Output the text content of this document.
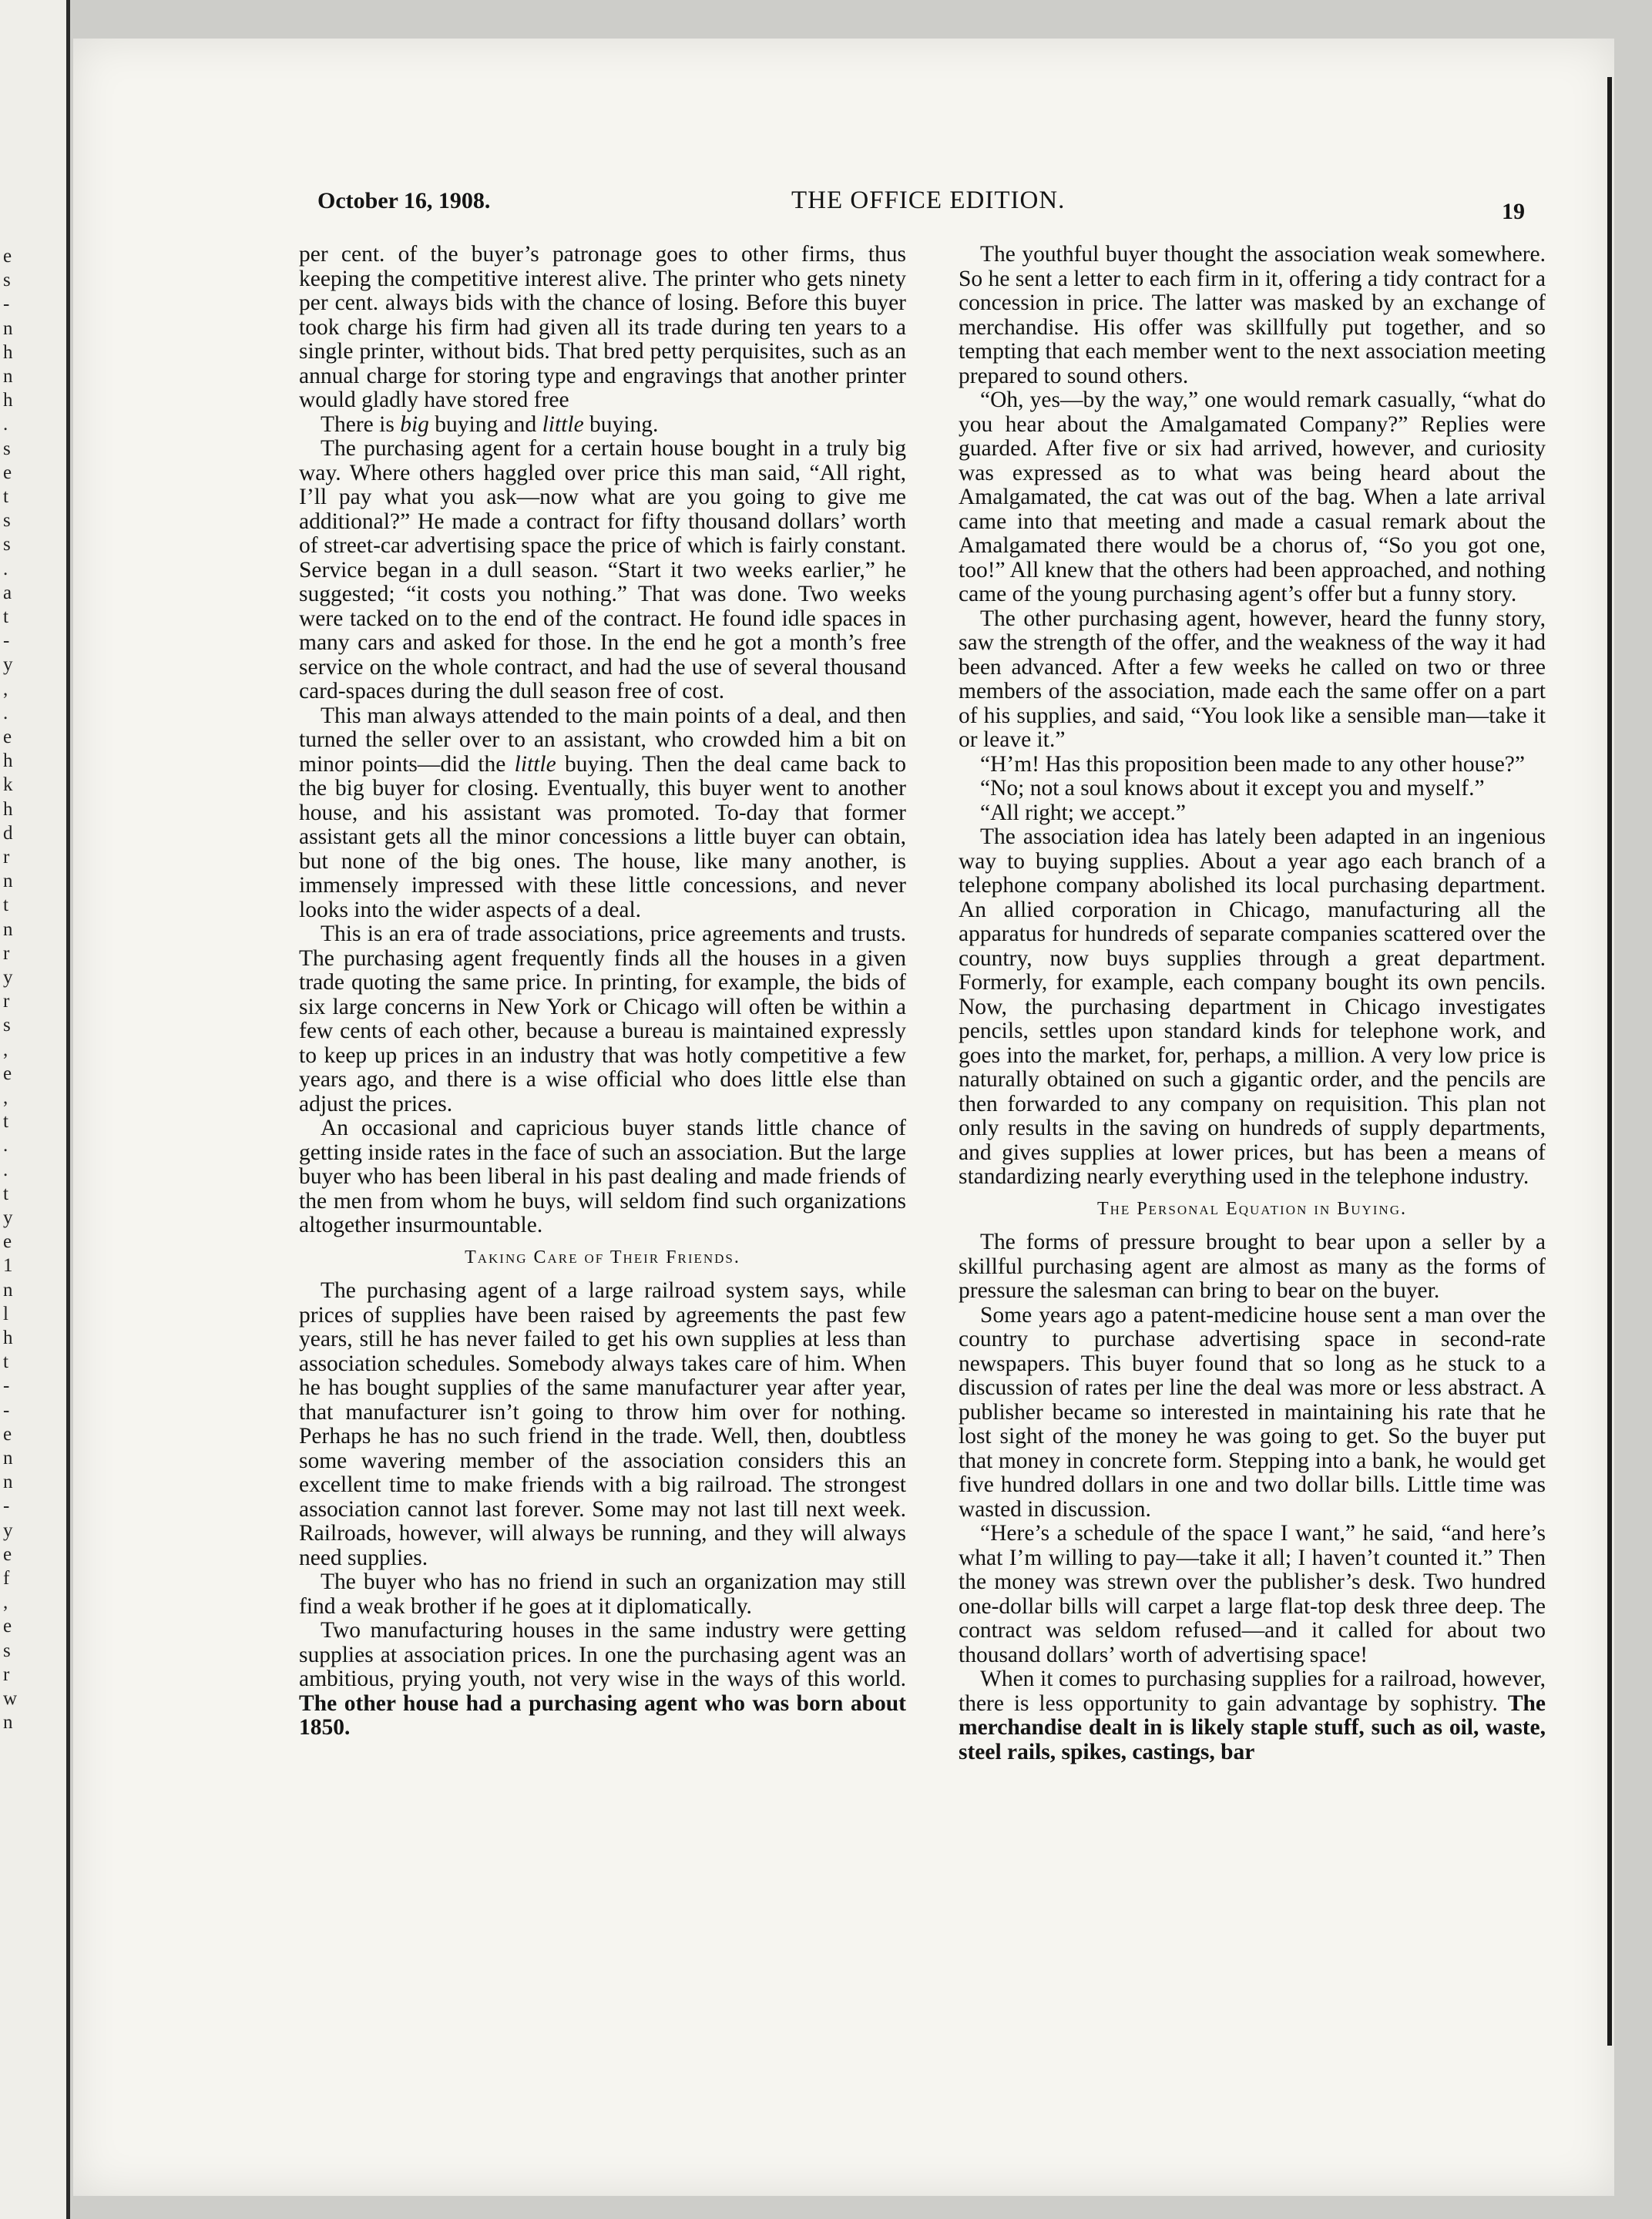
e
s
-
n
h
n
h
.
s
e
t
s
s
.
a
t
-
y
,
.
e
h
k
h
d
r
n
t
n
r
y
r
s
,
e
,
t
.
.
t
y
e
1
n
l
h
t
-
-
e
n
n
-
y
e
f
,
e
s
r
w
n
October 16, 1908.	THE OFFICE EDITION.	19

per cent. of the buyer’s patronage goes to other firms, thus keeping the competitive interest alive. The printer who gets ninety per cent. always bids with the chance of losing. Before this buyer took charge his firm had given all its trade during ten years to a single printer, without bids. That bred petty perquisites, such as an annual charge for storing type and engravings that another printer would gladly have stored free

There is big buying and little buying.

The purchasing agent for a certain house bought in a truly big way. Where others haggled over price this man said, “All right, I’ll pay what you ask—now what are you going to give me additional?” He made a contract for fifty thousand dollars’ worth of street-car advertising space the price of which is fairly constant. Service began in a dull season. “Start it two weeks earlier,” he suggested; “it costs you nothing.” That was done. Two weeks were tacked on to the end of the contract. He found idle spaces in many cars and asked for those. In the end he got a month’s free service on the whole contract, and had the use of several thousand card-spaces during the dull season free of cost.

This man always attended to the main points of a deal, and then turned the seller over to an assistant, who crowded him a bit on minor points—did the little buying. Then the deal came back to the big buyer for closing. Eventually, this buyer went to another house, and his assistant was promoted. To-day that former assistant gets all the minor concessions a little buyer can obtain, but none of the big ones. The house, like many another, is immensely impressed with these little concessions, and never looks into the wider aspects of a deal.

This is an era of trade associations, price agreements and trusts. The purchasing agent frequently finds all the houses in a given trade quoting the same price. In printing, for example, the bids of six large concerns in New York or Chicago will often be within a few cents of each other, because a bureau is maintained expressly to keep up prices in an industry that was hotly competitive a few years ago, and there is a wise official who does little else than adjust the prices.

An occasional and capricious buyer stands little chance of getting inside rates in the face of such an association. But the large buyer who has been liberal in his past dealing and made friends of the men from whom he buys, will seldom find such organizations altogether insurmountable.

Taking Care of Their Friends.

The purchasing agent of a large railroad system says, while prices of supplies have been raised by agreements the past few years, still he has never failed to get his own supplies at less than association schedules. Somebody always takes care of him. When he has bought supplies of the same manufacturer year after year, that manufacturer isn’t going to throw him over for nothing. Perhaps he has no such friend in the trade. Well, then, doubtless some wavering member of the association considers this an excellent time to make friends with a big railroad. The strongest association cannot last forever. Some may not last till next week. Railroads, however, will always be running, and they will always need supplies.

The buyer who has no friend in such an organization may still find a weak brother if he goes at it diplomatically.

Two manufacturing houses in the same industry were getting supplies at association prices. In one the purchasing agent was an ambitious, prying youth, not very wise in the ways of this world. The other house had a purchasing agent who was born about 1850.

The youthful buyer thought the association weak somewhere. So he sent a letter to each firm in it, offering a tidy contract for a concession in price. The latter was masked by an exchange of merchandise. His offer was skillfully put together, and so tempting that each member went to the next association meeting prepared to sound others.

“Oh, yes—by the way,” one would remark casually, “what do you hear about the Amalgamated Company?” Replies were guarded. After five or six had arrived, however, and curiosity was expressed as to what was being heard about the Amalgamated, the cat was out of the bag. When a late arrival came into that meeting and made a casual remark about the Amalgamated there would be a chorus of, “So you got one, too!” All knew that the others had been approached, and nothing came of the young purchasing agent’s offer but a funny story.

The other purchasing agent, however, heard the funny story, saw the strength of the offer, and the weakness of the way it had been advanced. After a few weeks he called on two or three members of the association, made each the same offer on a part of his supplies, and said, “You look like a sensible man—take it or leave it.”

“H’m! Has this proposition been made to any other house?”

“No; not a soul knows about it except you and myself.”

“All right; we accept.”

The association idea has lately been adapted in an ingenious way to buying supplies. About a year ago each branch of a telephone company abolished its local purchasing department. An allied corporation in Chicago, manufacturing all the apparatus for hundreds of separate companies scattered over the country, now buys supplies through a great department. Formerly, for example, each company bought its own pencils. Now, the purchasing department in Chicago investigates pencils, settles upon standard kinds for telephone work, and goes into the market, for, perhaps, a million. A very low price is naturally obtained on such a gigantic order, and the pencils are then forwarded to any company on requisition. This plan not only results in the saving on hundreds of supply departments, and gives supplies at lower prices, but has been a means of standardizing nearly everything used in the telephone industry.

The Personal Equation in Buying.

The forms of pressure brought to bear upon a seller by a skillful purchasing agent are almost as many as the forms of pressure the salesman can bring to bear on the buyer.

Some years ago a patent-medicine house sent a man over the country to purchase advertising space in second-rate newspapers. This buyer found that so long as he stuck to a discussion of rates per line the deal was more or less abstract. A publisher became so interested in maintaining his rate that he lost sight of the money he was going to get. So the buyer put that money in concrete form. Stepping into a bank, he would get five hundred dollars in one and two dollar bills. Little time was wasted in discussion.

“Here’s a schedule of the space I want,” he said, “and here’s what I’m willing to pay—take it all; I haven’t counted it.” Then the money was strewn over the publisher’s desk. Two hundred one-dollar bills will carpet a large flat-top desk three deep. The contract was seldom refused—and it called for about two thousand dollars’ worth of advertising space!

When it comes to purchasing supplies for a railroad, however, there is less opportunity to gain advantage by sophistry. The merchandise dealt in is likely staple stuff, such as oil, waste, steel rails, spikes, castings, bar
